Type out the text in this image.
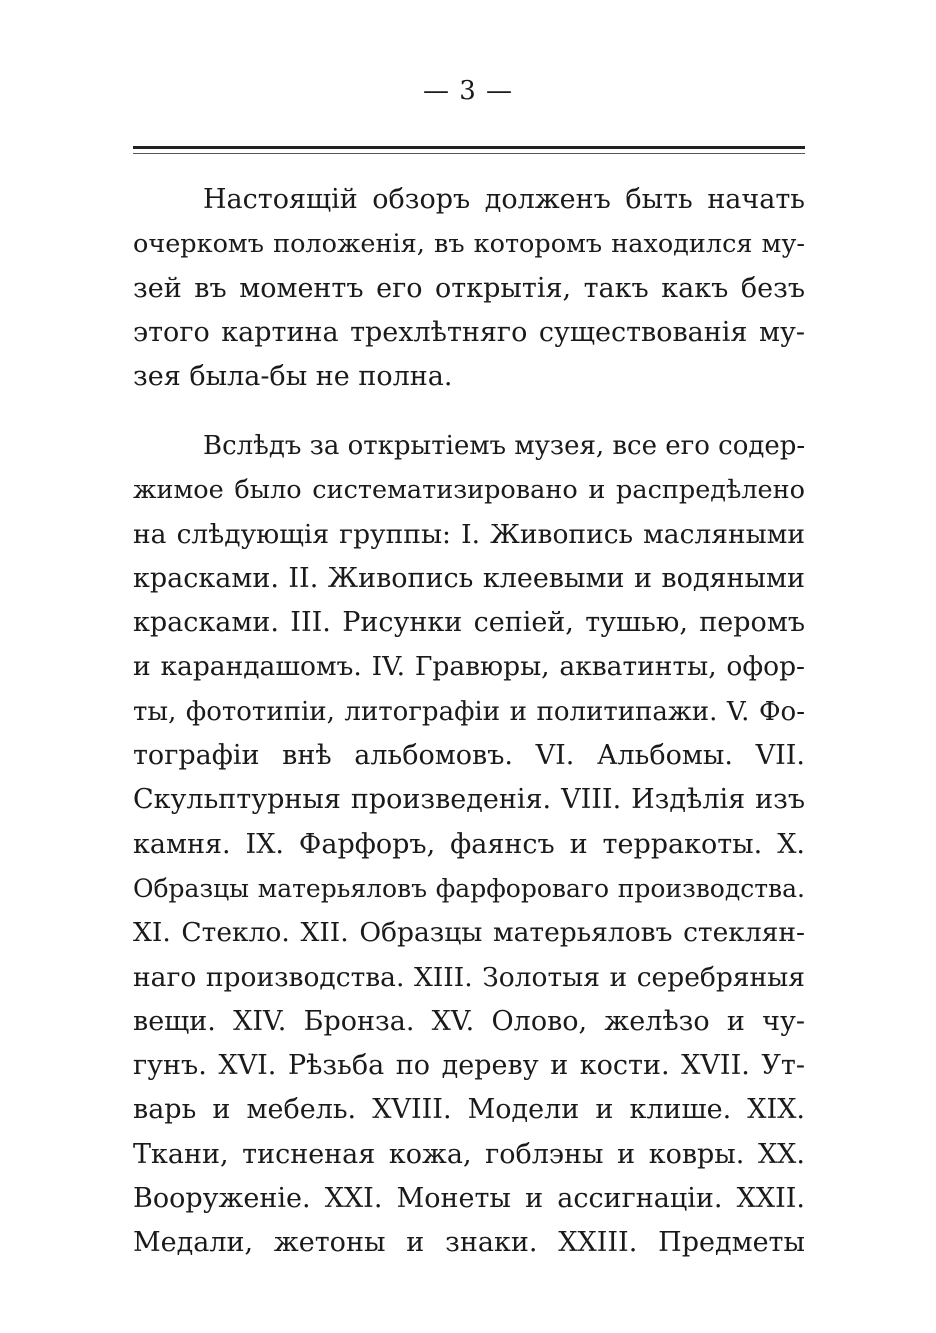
— 3 —
Настоящій обзоръ долженъ быть начать
очеркомъ положенія, въ которомъ находился му-
зей въ моментъ его открытія, такъ какъ безъ
этого картина трехлѣтняго существованія му-
зея была-бы не полна.
Вслѣдъ за открытіемъ музея, все его содер-
жимое было систематизировано и распредѣлено
на слѣдующія группы: I. Живопись масляными
красками. II. Живопись клеевыми и водяными
красками. III. Рисунки сепіей, тушью, перомъ
и карандашомъ. IV. Гравюры, акватинты, офор-
ты, фототипіи, литографіи и политипажи. V. Фо-
тографіи внѣ альбомовъ. VI. Альбомы. VII.
Скульптурныя произведенія. VIII. Издѣлія изъ
камня. IX. Фарфоръ, фаянсъ и терракоты. X.
Образцы матерьяловъ фарфороваго производства.
XI. Стекло. XII. Образцы матерьяловъ стеклян-
наго производства. XIII. Золотыя и серебряныя
вещи. XIV. Бронза. XV. Олово, желѣзо и чу-
гунъ. XVI. Рѣзьба по дереву и кости. XVII. Ут-
варь и мебель. XVIII. Модели и клише. XIX.
Ткани, тисненая кожа, гоблэны и ковры. XX.
Вооруженіе. XXI. Монеты и ассигнаціи. XXII.
Медали, жетоны и знаки. XXIII. Предметы
